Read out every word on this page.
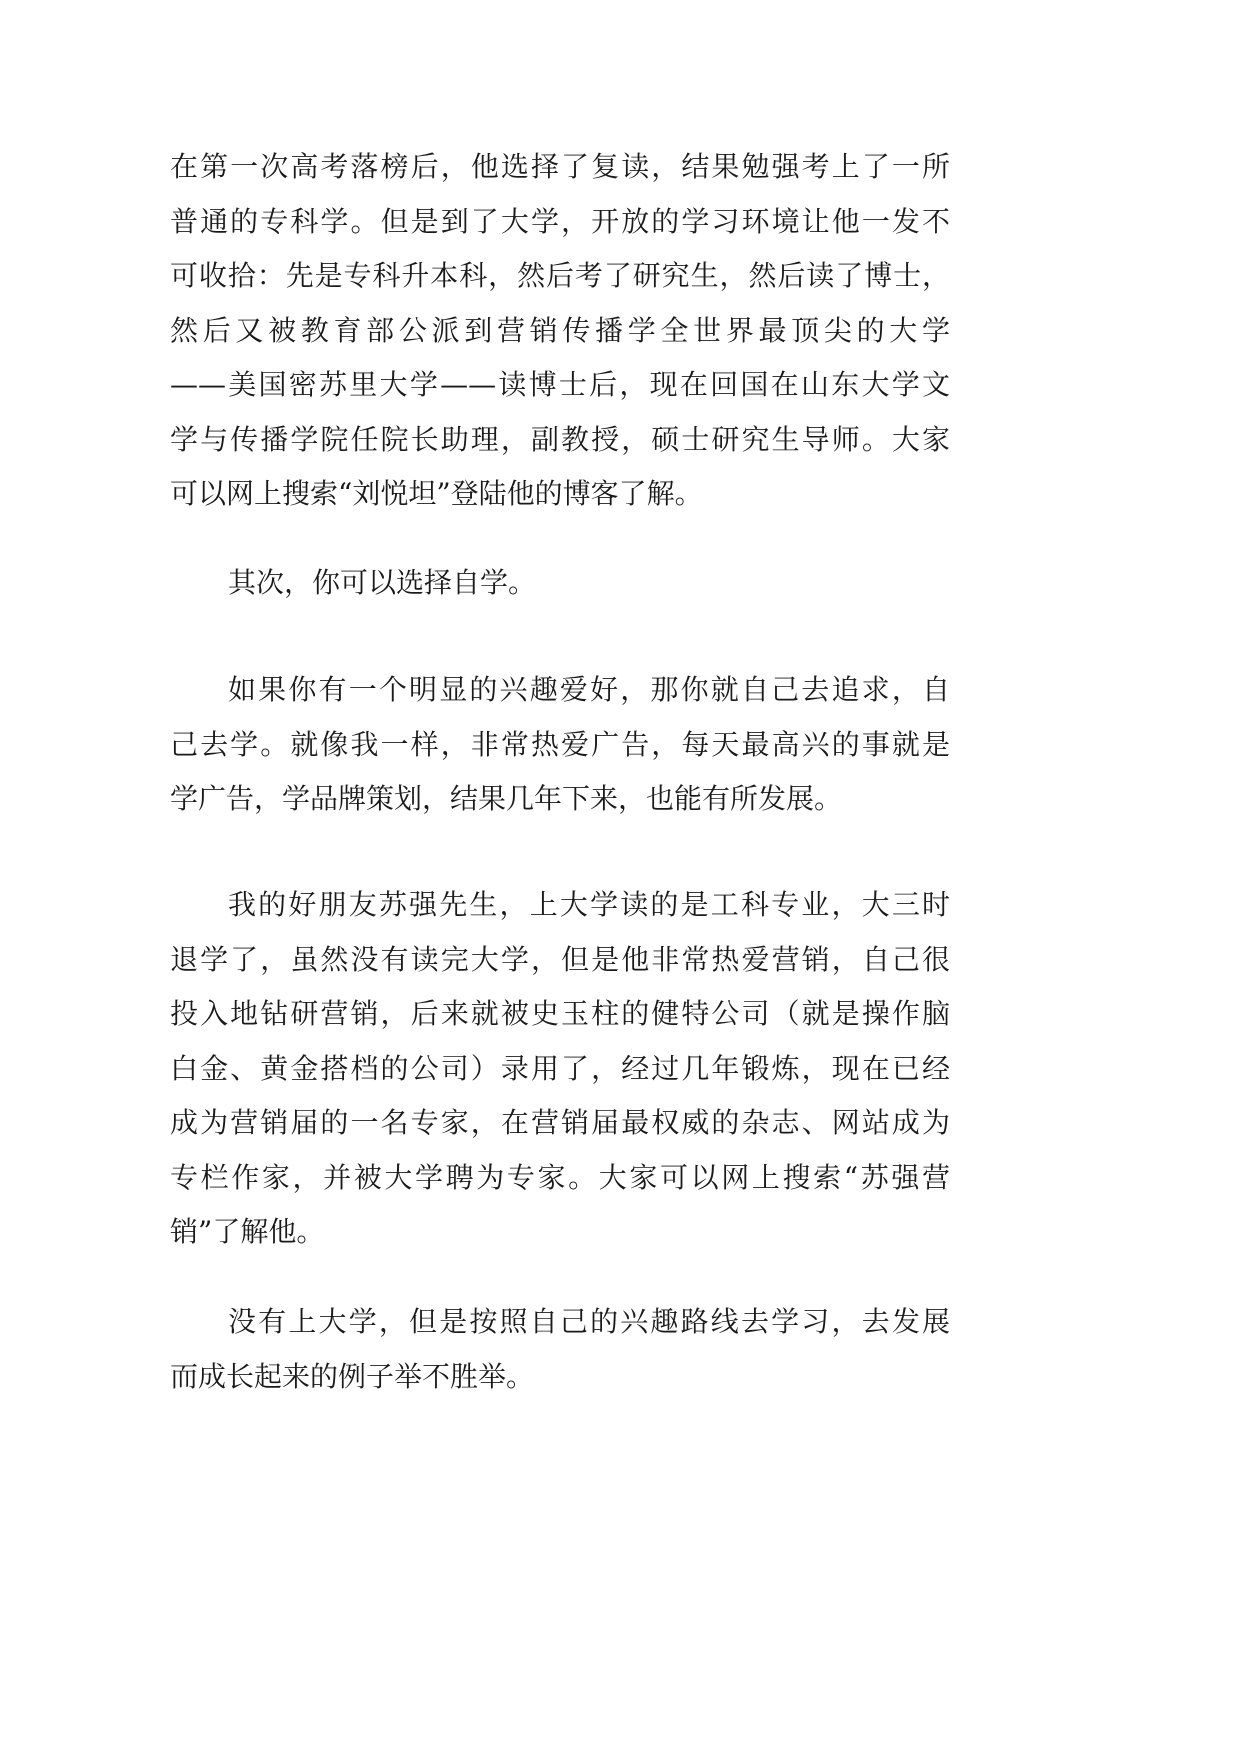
在第一次高考落榜后，他选择了复读，结果勉强考上了一所
普通的专科学。但是到了大学，开放的学习环境让他一发不
可收拾：先是专科升本科，然后考了研究生，然后读了博士，
然后又被教育部公派到营销传播学全世界最顶尖的大学
——美国密苏里大学——读博士后，现在回国在山东大学文
学与传播学院任院长助理，副教授，硕士研究生导师。大家
可以网上搜索“刘悦坦”登陆他的博客了解。
其次，你可以选择自学。
如果你有一个明显的兴趣爱好，那你就自己去追求，自
己去学。就像我一样，非常热爱广告，每天最高兴的事就是
学广告，学品牌策划，结果几年下来，也能有所发展。
我的好朋友苏强先生，上大学读的是工科专业，大三时
退学了，虽然没有读完大学，但是他非常热爱营销，自己很
投入地钻研营销，后来就被史玉柱的健特公司（就是操作脑
白金、黄金搭档的公司）录用了，经过几年锻炼，现在已经
成为营销届的一名专家，在营销届最权威的杂志、网站成为
专栏作家，并被大学聘为专家。大家可以网上搜索“苏强营
销”了解他。
没有上大学，但是按照自己的兴趣路线去学习，去发展
而成长起来的例子举不胜举。
